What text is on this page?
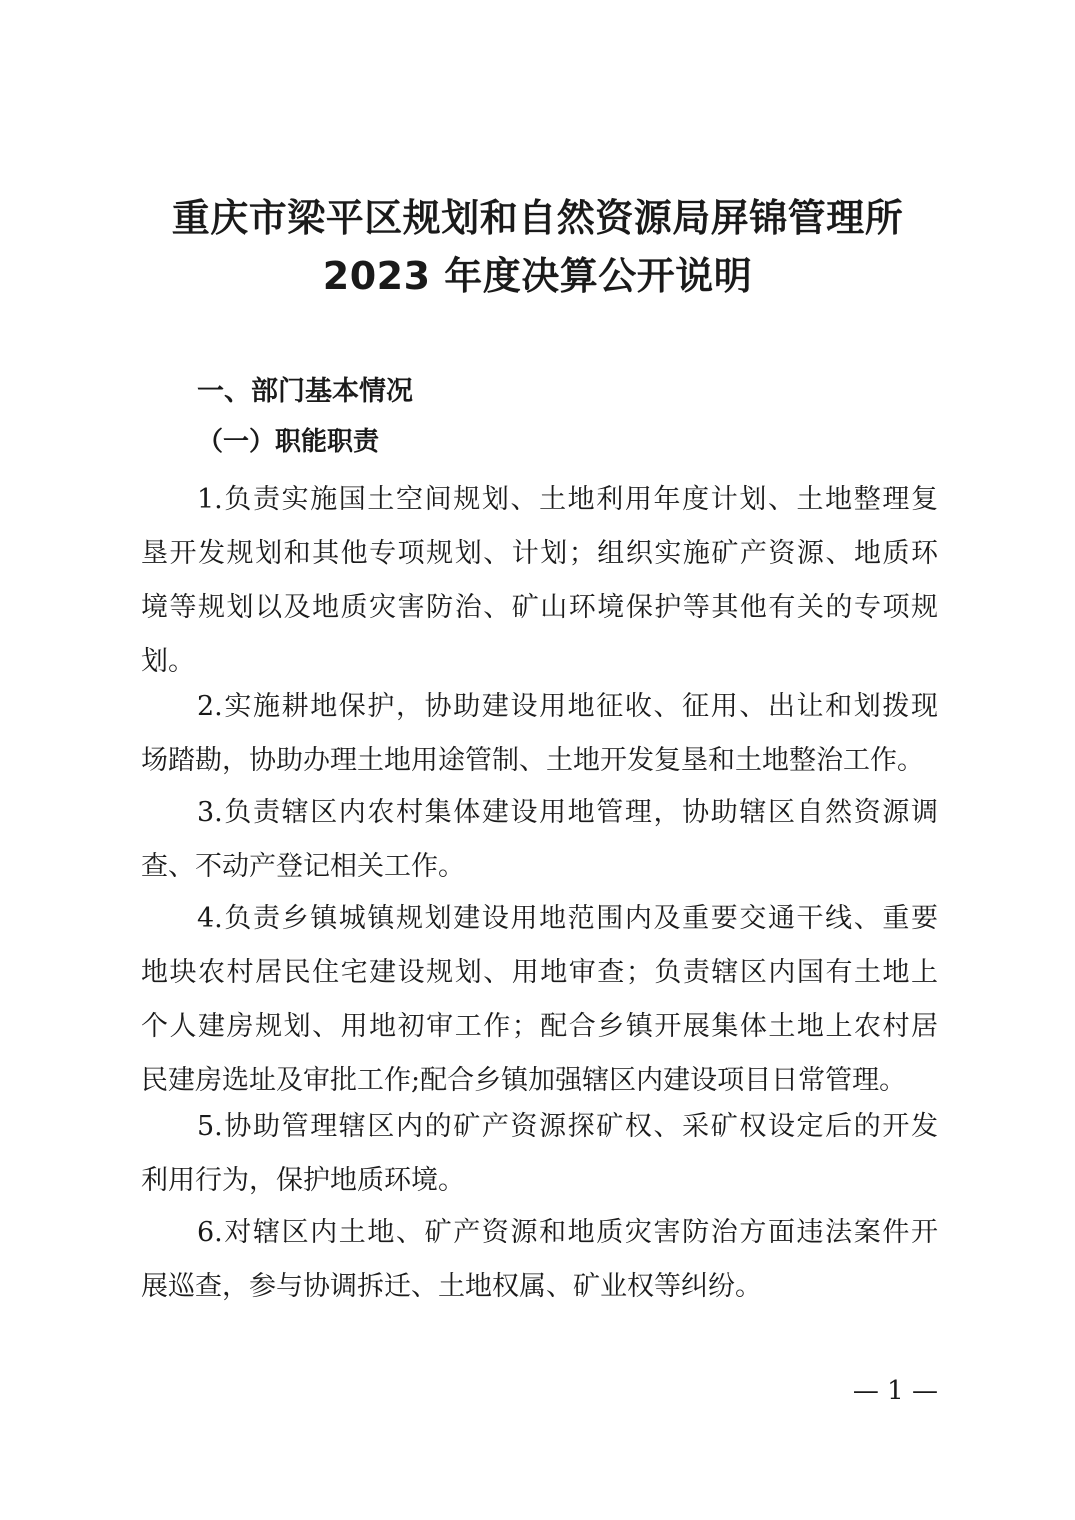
重庆市梁平区规划和自然资源局屏锦管理所
2023 年度决算公开说明
一、部门基本情况
（一）职能职责
1.负责实施国土空间规划、土地利用年度计划、土地整理复
垦开发规划和其他专项规划、计划；组织实施矿产资源、地质环
境等规划以及地质灾害防治、矿山环境保护等其他有关的专项规
划。
2.实施耕地保护，协助建设用地征收、征用、出让和划拨现
场踏勘，协助办理土地用途管制、土地开发复垦和土地整治工作。
3.负责辖区内农村集体建设用地管理，协助辖区自然资源调
查、不动产登记相关工作。
4.负责乡镇城镇规划建设用地范围内及重要交通干线、重要
地块农村居民住宅建设规划、用地审查；负责辖区内国有土地上
个人建房规划、用地初审工作；配合乡镇开展集体土地上农村居
民建房选址及审批工作;配合乡镇加强辖区内建设项目日常管理。
5.协助管理辖区内的矿产资源探矿权、采矿权设定后的开发
利用行为，保护地质环境。
6.对辖区内土地、矿产资源和地质灾害防治方面违法案件开
展巡查，参与协调拆迁、土地权属、矿业权等纠纷。
— 1 —
